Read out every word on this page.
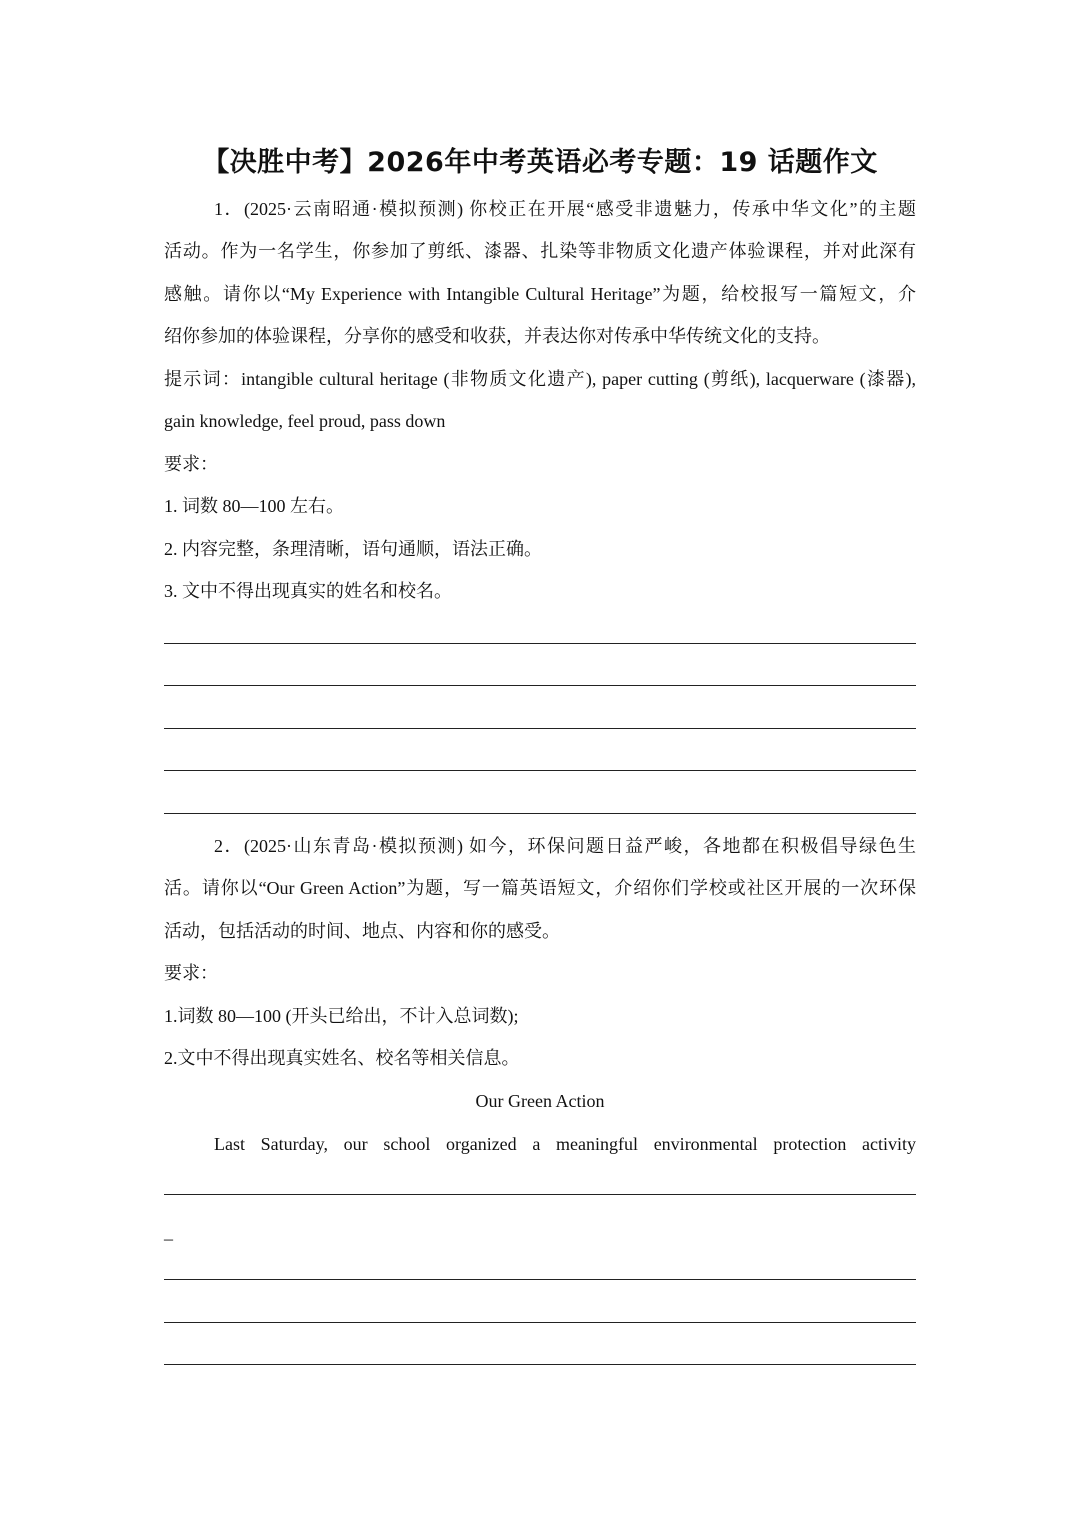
【决胜中考】2026年中考英语必考专题：19 话题作文

1．(2025·云南昭通·模拟预测) 你校正在开展“感受非遗魅力，传承中华文化”的主题

活动。作为一名学生，你参加了剪纸、漆器、扎染等非物质文化遗产体验课程，并对此深有

感触。请你以“My Experience with Intangible Cultural Heritage”为题，给校报写一篇短文，介

绍你参加的体验课程，分享你的感受和收获，并表达你对传承中华传统文化的支持。

提示词：intangible cultural heritage (非物质文化遗产), paper cutting (剪纸), lacquerware (漆器),

gain knowledge, feel proud, pass down

要求：

1. 词数 80—100 左右。

2. 内容完整，条理清晰，语句通顺，语法正确。

3. 文中不得出现真实的姓名和校名。

2．(2025·山东青岛·模拟预测) 如今，环保问题日益严峻，各地都在积极倡导绿色生

活。请你以“Our Green Action”为题，写一篇英语短文，介绍你们学校或社区开展的一次环保

活动，包括活动的时间、地点、内容和你的感受。

要求：

1.词数 80—100 (开头已给出，不计入总词数);

2.文中不得出现真实姓名、校名等相关信息。

Our Green Action

Last Saturday, our school organized a meaningful environmental protection activity

_
